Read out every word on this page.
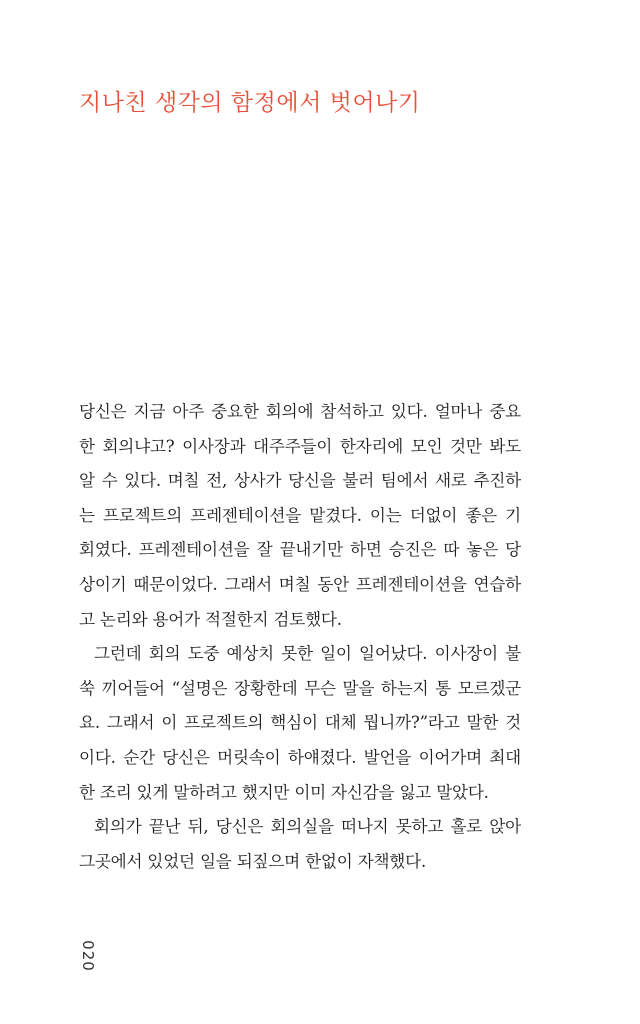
지나친 생각의 함정에서 벗어나기
당신은 지금 아주 중요한 회의에 참석하고 있다. 얼마나 중요
한 회의냐고? 이사장과 대주주들이 한자리에 모인 것만 봐도
알 수 있다. 며칠 전, 상사가 당신을 불러 팀에서 새로 추진하
는 프로젝트의 프레젠테이션을 맡겼다. 이는 더없이 좋은 기
회였다. 프레젠테이션을 잘 끝내기만 하면 승진은 따 놓은 당
상이기 때문이었다. 그래서 며칠 동안 프레젠테이션을 연습하
고 논리와 용어가 적절한지 검토했다.
그런데 회의 도중 예상치 못한 일이 일어났다. 이사장이 불
쑥 끼어들어 “설명은 장황한데 무슨 말을 하는지 통 모르겠군
요. 그래서 이 프로젝트의 핵심이 대체 뭡니까?”라고 말한 것
이다. 순간 당신은 머릿속이 하얘졌다. 발언을 이어가며 최대
한 조리 있게 말하려고 했지만 이미 자신감을 잃고 말았다.
회의가 끝난 뒤, 당신은 회의실을 떠나지 못하고 홀로 앉아
그곳에서 있었던 일을 되짚으며 한없이 자책했다.
020
